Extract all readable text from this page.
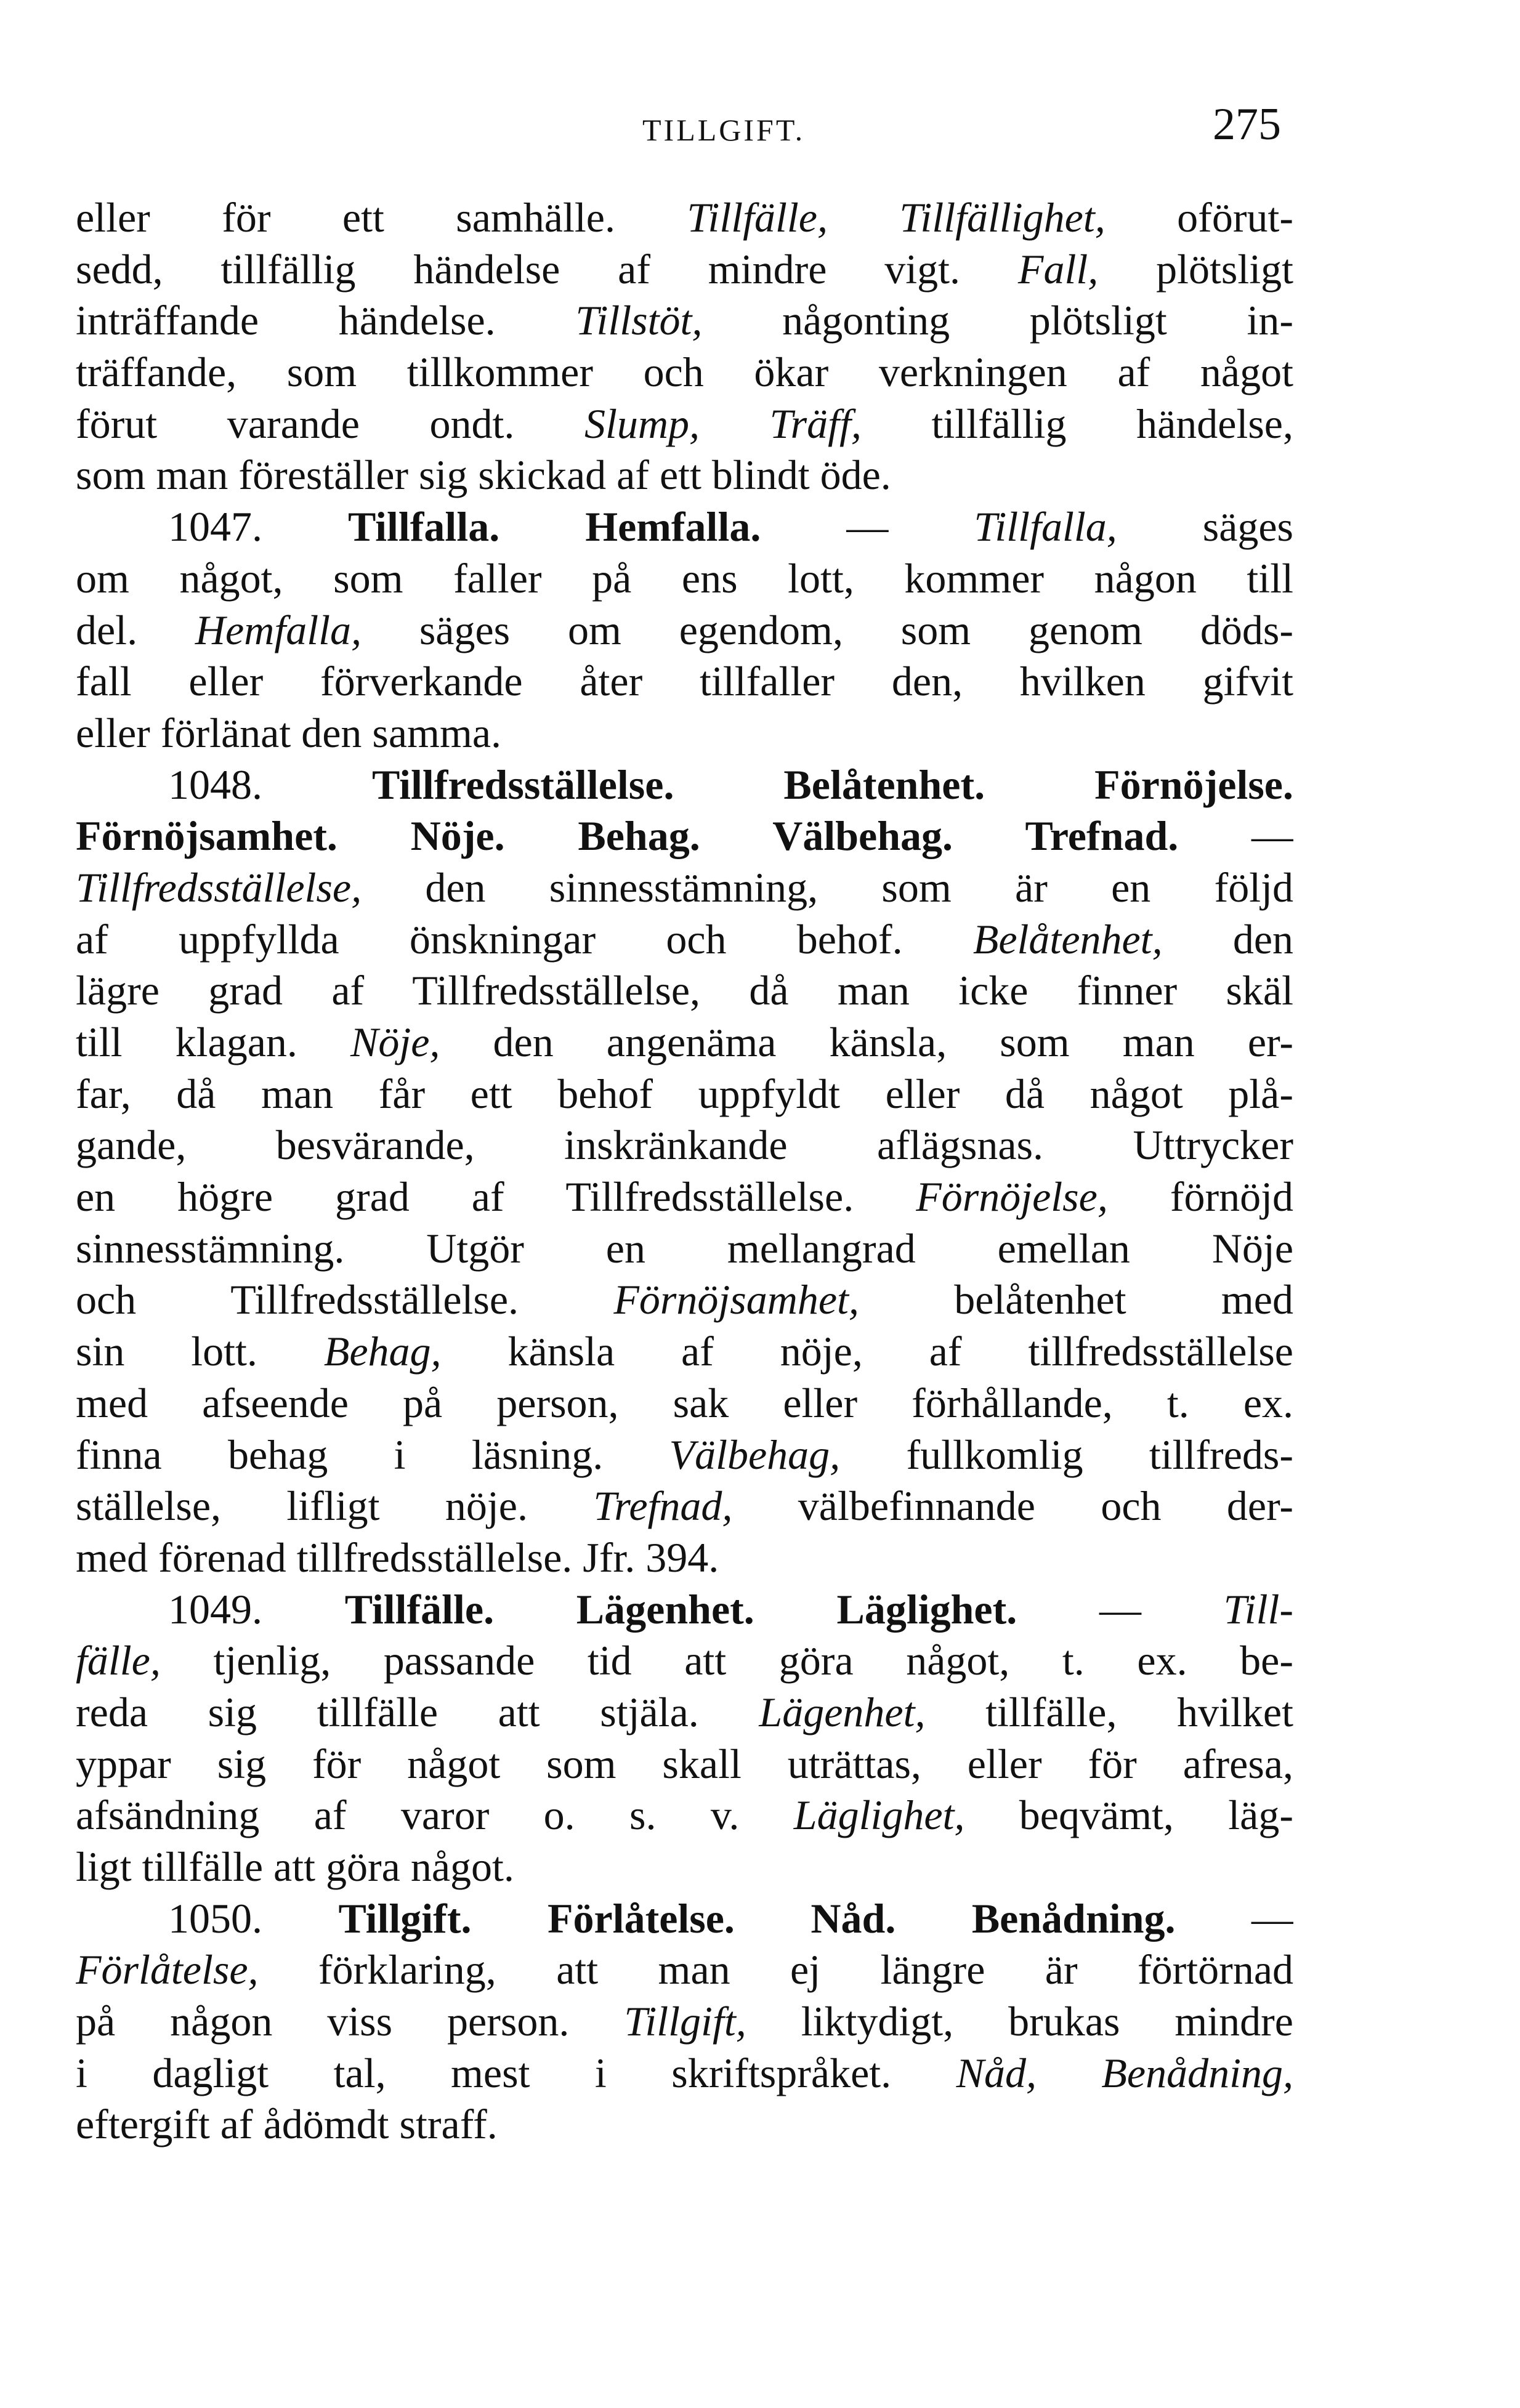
TILLGIFT.	275
eller för ett samhälle. Tillfälle, Tillfällighet, oförut-
sedd, tillfällig händelse af mindre vigt. Fall, plötsligt
inträffande händelse. Tillstöt, någonting plötsligt in-
träffande, som tillkommer och ökar verkningen af något
förut varande ondt. Slump, Träff, tillfällig händelse,
som man föreställer sig skickad af ett blindt öde.
1047. Tillfalla. Hemfalla. — Tillfalla, säges
om något, som faller på ens lott, kommer någon till
del. Hemfalla, säges om egendom, som genom döds-
fall eller förverkande åter tillfaller den, hvilken gifvit
eller förlänat den samma.
1048. Tillfredsställelse. Belåtenhet. Förnöjelse.
Förnöjsamhet. Nöje. Behag. Välbehag. Trefnad. —
Tillfredsställelse, den sinnesstämning, som är en följd
af uppfyllda önskningar och behof. Belåtenhet, den
lägre grad af Tillfredsställelse, då man icke finner skäl
till klagan. Nöje, den angenäma känsla, som man er-
far, då man får ett behof uppfyldt eller då något plå-
gande, besvärande, inskränkande aflägsnas. Uttrycker
en högre grad af Tillfredsställelse. Förnöjelse, förnöjd
sinnesstämning. Utgör en mellangrad emellan Nöje
och Tillfredsställelse. Förnöjsamhet, belåtenhet med
sin lott. Behag, känsla af nöje, af tillfredsställelse
med afseende på person, sak eller förhållande, t. ex.
finna behag i läsning. Välbehag, fullkomlig tillfreds-
ställelse, lifligt nöje. Trefnad, välbefinnande och der-
med förenad tillfredsställelse. Jfr. 394.
1049. Tillfälle. Lägenhet. Läglighet. — Till-
fälle, tjenlig, passande tid att göra något, t. ex. be-
reda sig tillfälle att stjäla. Lägenhet, tillfälle, hvilket
yppar sig för något som skall uträttas, eller för afresa,
afsändning af varor o. s. v. Läglighet, beqvämt, läg-
ligt tillfälle att göra något.
1050. Tillgift. Förlåtelse. Nåd. Benådning. —
Förlåtelse, förklaring, att man ej längre är förtörnad
på någon viss person. Tillgift, liktydigt, brukas mindre
i dagligt tal, mest i skriftspråket. Nåd, Benådning,
eftergift af ådömdt straff.
